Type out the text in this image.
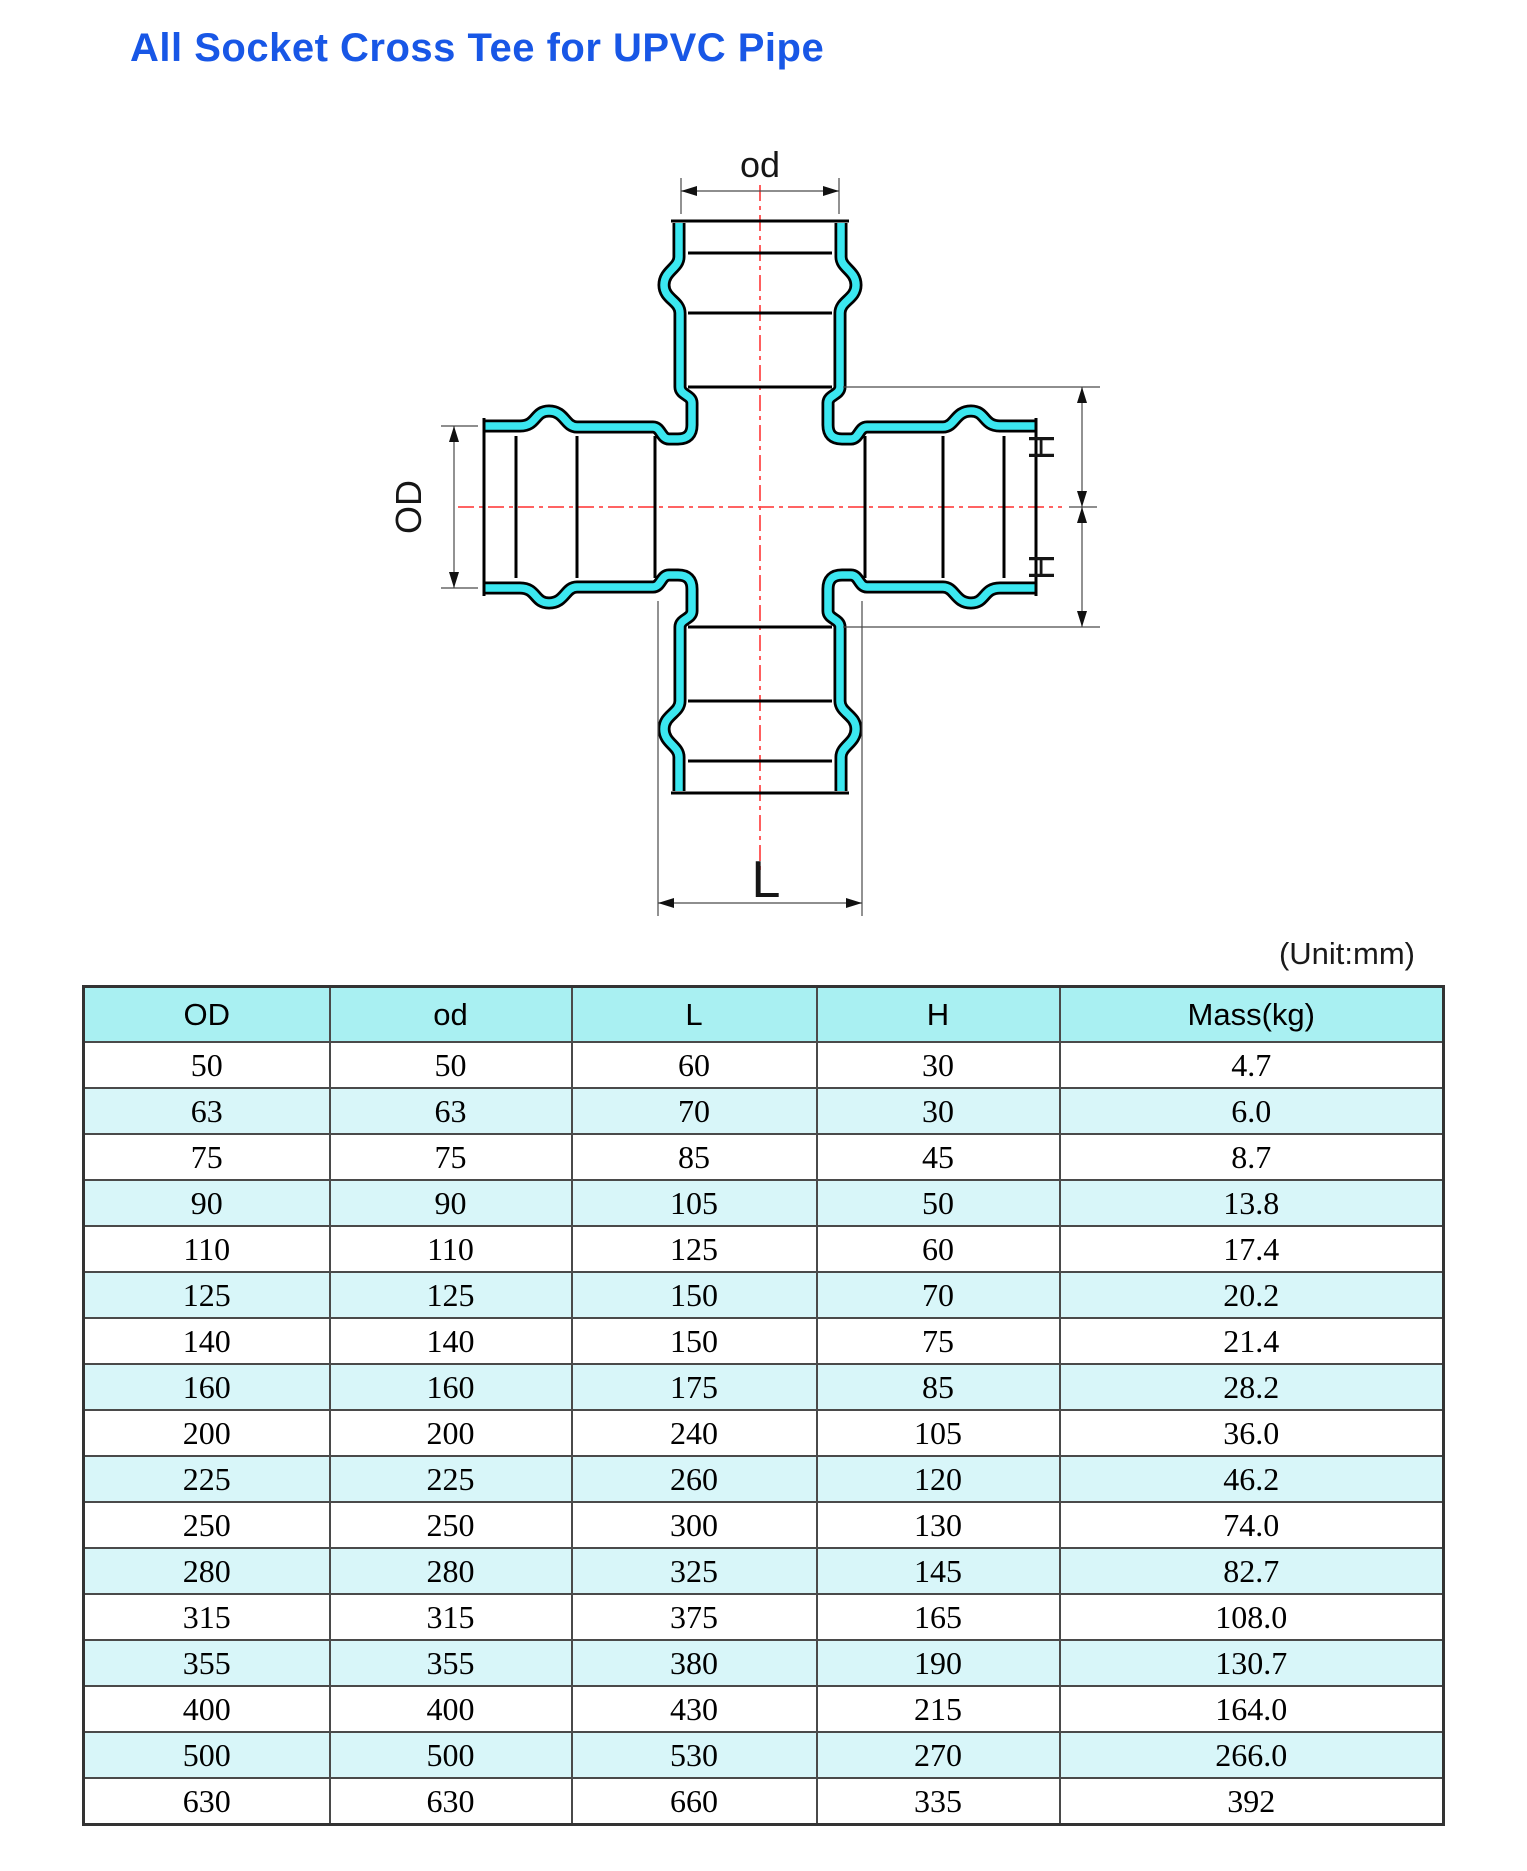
All Socket Cross Tee for UPVC Pipe
od
OD
H
H
L
(Unit:mm)
OD	od	L	H	Mass(kg)
50	50	60	30	4.7
63	63	70	30	6.0
75	75	85	45	8.7
90	90	105	50	13.8
110	110	125	60	17.4
125	125	150	70	20.2
140	140	150	75	21.4
160	160	175	85	28.2
200	200	240	105	36.0
225	225	260	120	46.2
250	250	300	130	74.0
280	280	325	145	82.7
315	315	375	165	108.0
355	355	380	190	130.7
400	400	430	215	164.0
500	500	530	270	266.0
630	630	660	335	392
